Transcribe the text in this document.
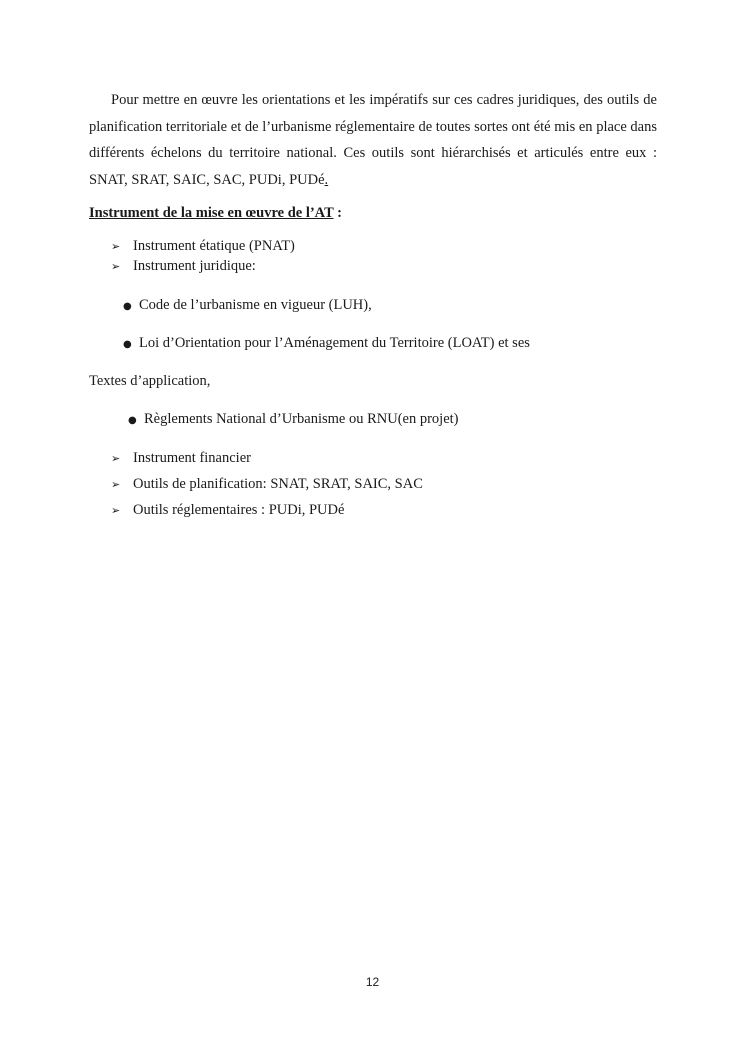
Pour mettre en œuvre les orientations et les impératifs sur ces cadres juridiques, des outils de planification territoriale et de l’urbanisme réglementaire de toutes sortes ont été mis en place dans différents échelons du territoire national. Ces outils sont hiérarchisés et articulés entre eux : SNAT, SRAT, SAIC, SAC, PUDi, PUDé.

Instrument de la mise en œuvre de l’AT :

➢ Instrument étatique (PNAT)

➢ Instrument juridique:

● Code de l’urbanisme en vigueur (LUH),

● Loi d’Orientation pour l’Aménagement du Territoire (LOAT) et ses

Textes d’application,

● Règlements National d’Urbanisme ou RNU(en projet)

➢ Instrument financier

➢ Outils de planification: SNAT, SRAT, SAIC, SAC

➢ Outils réglementaires : PUDi, PUDé

12
